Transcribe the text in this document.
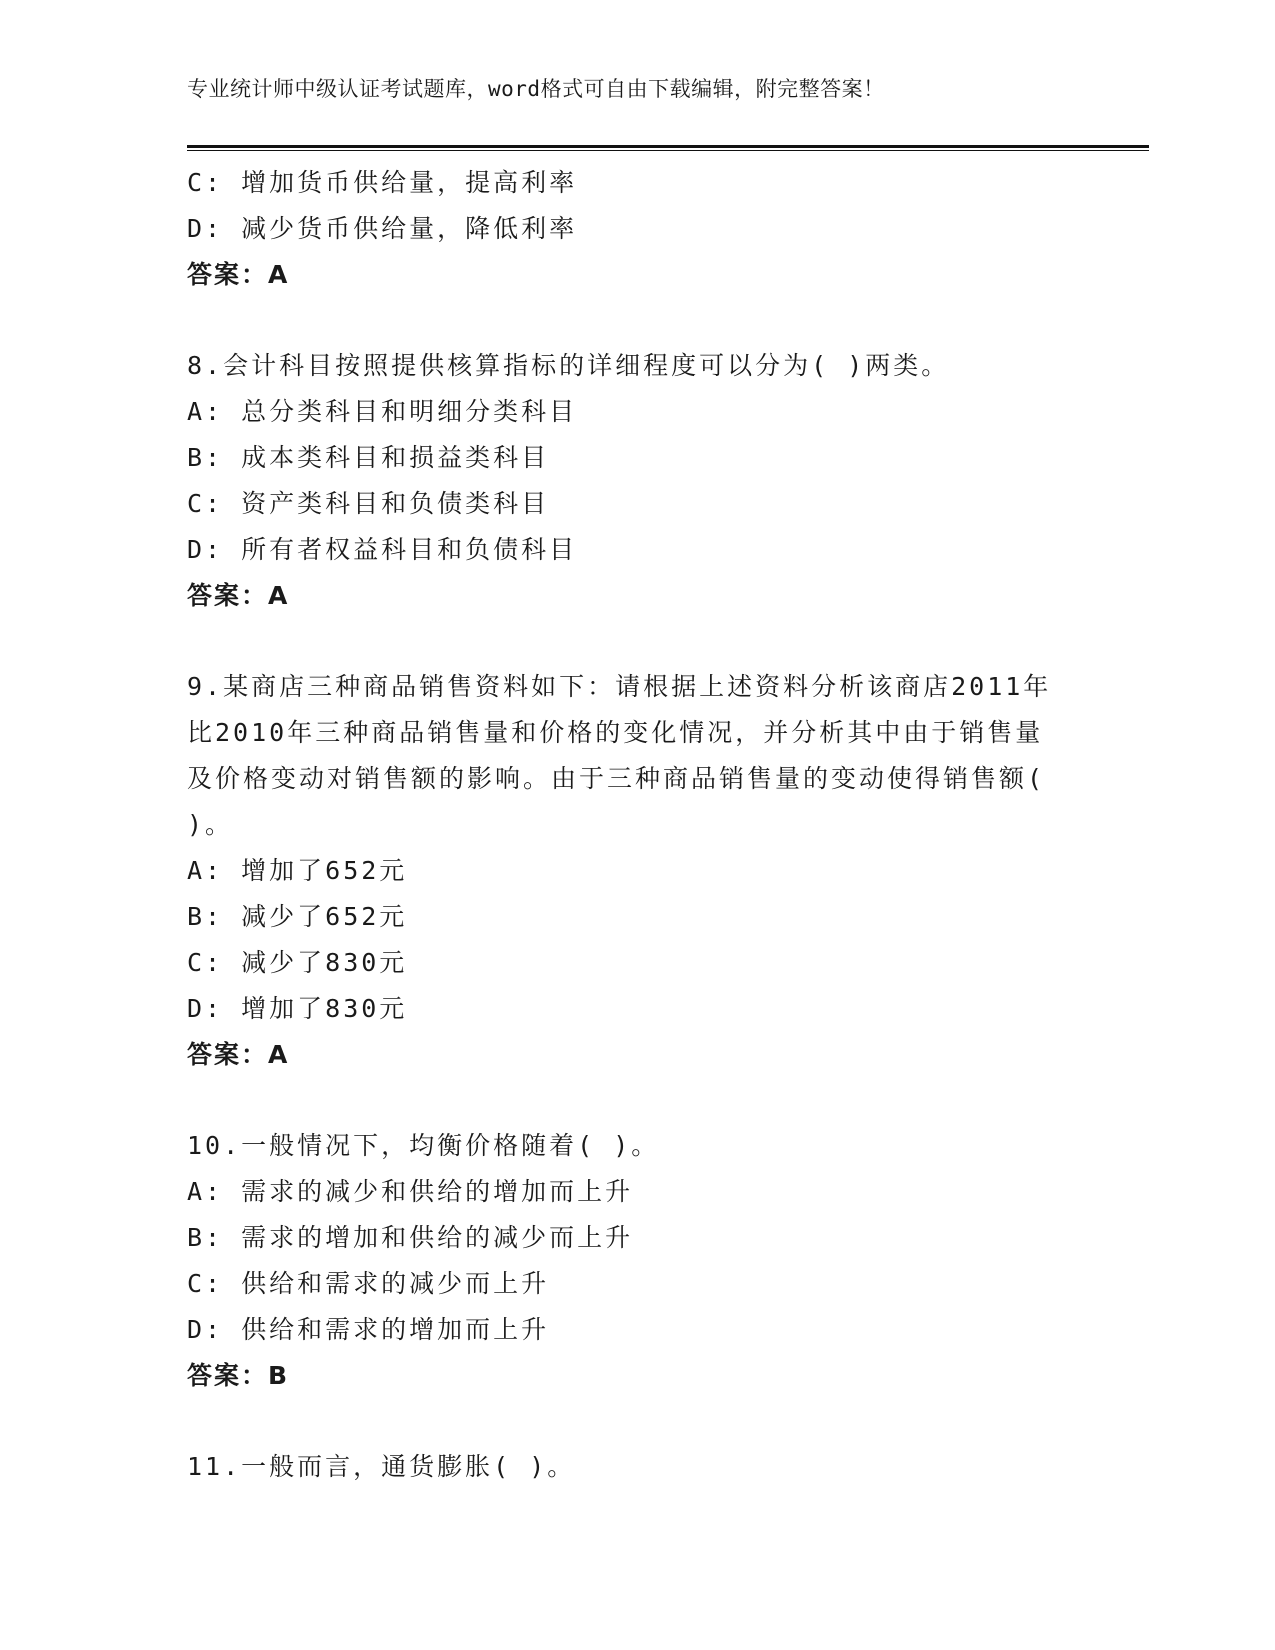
专业统计师中级认证考试题库，word格式可自由下载编辑，附完整答案！
C: 增加货币供给量，提高利率
D: 减少货币供给量，降低利率
答案：A
8.会计科目按照提供核算指标的详细程度可以分为( )两类。
A: 总分类科目和明细分类科目
B: 成本类科目和损益类科目
C: 资产类科目和负债类科目
D: 所有者权益科目和负债科目
答案：A
9.某商店三种商品销售资料如下：请根据上述资料分析该商店2011年
比2010年三种商品销售量和价格的变化情况，并分析其中由于销售量
及价格变动对销售额的影响。由于三种商品销售量的变动使得销售额(
)。
A: 增加了652元
B: 减少了652元
C: 减少了830元
D: 增加了830元
答案：A
10.一般情况下，均衡价格随着( )。
A: 需求的减少和供给的增加而上升
B: 需求的增加和供给的减少而上升
C: 供给和需求的减少而上升
D: 供给和需求的增加而上升
答案：B
11.一般而言，通货膨胀( )。
